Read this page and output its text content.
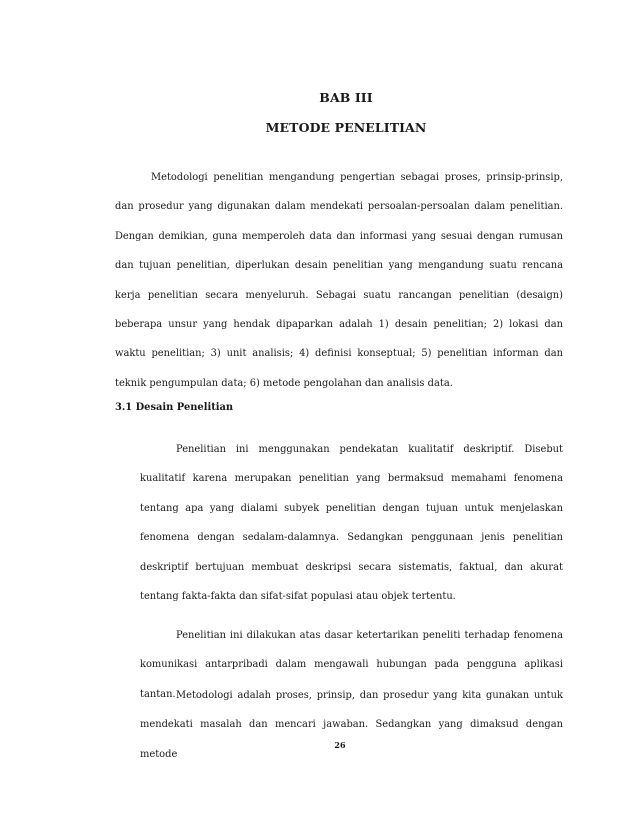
BAB III
METODE PENELITIAN
Metodologi penelitian mengandung pengertian sebagai proses, prinsip-prinsip, dan prosedur yang digunakan dalam mendekati persoalan-persoalan dalam penelitian. Dengan demikian, guna memperoleh data dan informasi yang sesuai dengan rumusan dan tujuan penelitian, diperlukan desain penelitian yang mengandung suatu rencana kerja penelitian secara menyeluruh. Sebagai suatu rancangan penelitian (desaign) beberapa unsur yang hendak dipaparkan adalah 1) desain penelitian; 2) lokasi dan waktu penelitian; 3) unit analisis; 4) definisi konseptual; 5) penelitian informan dan teknik pengumpulan data; 6) metode pengolahan dan analisis data.
3.1 Desain Penelitian
Penelitian ini menggunakan pendekatan kualitatif deskriptif. Disebut kualitatif karena merupakan penelitian yang bermaksud memahami fenomena tentang apa yang dialami subyek penelitian dengan tujuan untuk menjelaskan fenomena dengan sedalam-dalamnya. Sedangkan penggunaan jenis penelitian deskriptif bertujuan membuat deskripsi secara sistematis, faktual, dan akurat tentang fakta-fakta dan sifat-sifat populasi atau objek tertentu.
Penelitian ini dilakukan atas dasar ketertarikan peneliti terhadap fenomena komunikasi antarpribadi dalam mengawali hubungan pada pengguna aplikasi tantan. Metodologi adalah proses, prinsip, dan prosedur yang kita gunakan untuk mendekati masalah dan mencari jawaban. Sedangkan yang dimaksud dengan metode
26
